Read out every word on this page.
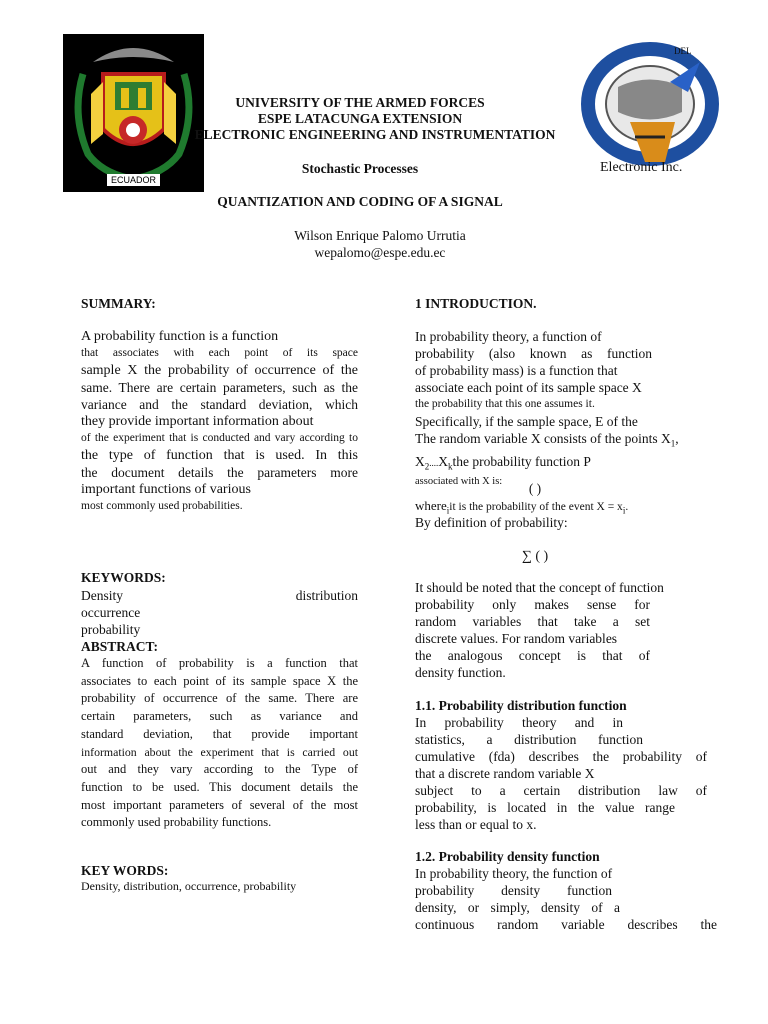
ECUADOR
DEL
Electronic Inc.
UNIVERSITY OF THE ARMED FORCES
ESPE LATACUNGA EXTENSION
ELECTRONIC ENGINEERING AND INSTRUMENTATION
Stochastic Processes
QUANTIZATION AND CODING OF A SIGNAL
Wilson Enrique Palomo Urrutia
wepalomo@espe.edu.ec
SUMMARY:
A probability function is a function
that associates with each point of its space
sample X the probability of occurrence of the
same. There are certain parameters, such as the
variance and the standard deviation, which
they provide important information about
of the experiment that is conducted and vary according to
the type of function that is used. In this
the document details the parameters more
important functions of various
most commonly used probabilities.
KEYWORDS:
Density distribution occurrence
probability
ABSTRACT:
A function of probability is a function that
associates to each point of its sample space X the
probability of occurrence of the same. There are
certain parameters, such as variance and
standard deviation, that provide important
information about the experiment that is carried out
out and they vary according to the Type of
function to be used. This document details the
most important parameters of several of the most
commonly used probability functions.
KEY WORDS:
Density, distribution, occurrence, probability
1 INTRODUCTION.
In probability theory, a function of
probability (also known as function
of probability mass) is a function that
associate each point of its sample space X
the probability that this one assumes it.
Specifically, if the sample space, E of the
The random variable X consists of the points $X_1$,
$X_2....X_kthe$ probability function P
associated with X is:	( )
where$_i$it is the probability of the event $X = x_i$.
By definition of probability:
∑ ( )
It should be noted that the concept of function
probability only makes sense for
random variables that take a set
discrete values. For random variables
the analogous concept is that of
density function.
1.1. Probability distribution function
In probability theory and in
statistics, a distribution function
cumulative (fda) describes the probability of
that a discrete random variable X
subject to a certain distribution law of
probability, is located in the value range
less than or equal to x.
1.2. Probability density function
In probability theory, the function of
probability density function
density, or simply, density of a
continuous random variable describes the
